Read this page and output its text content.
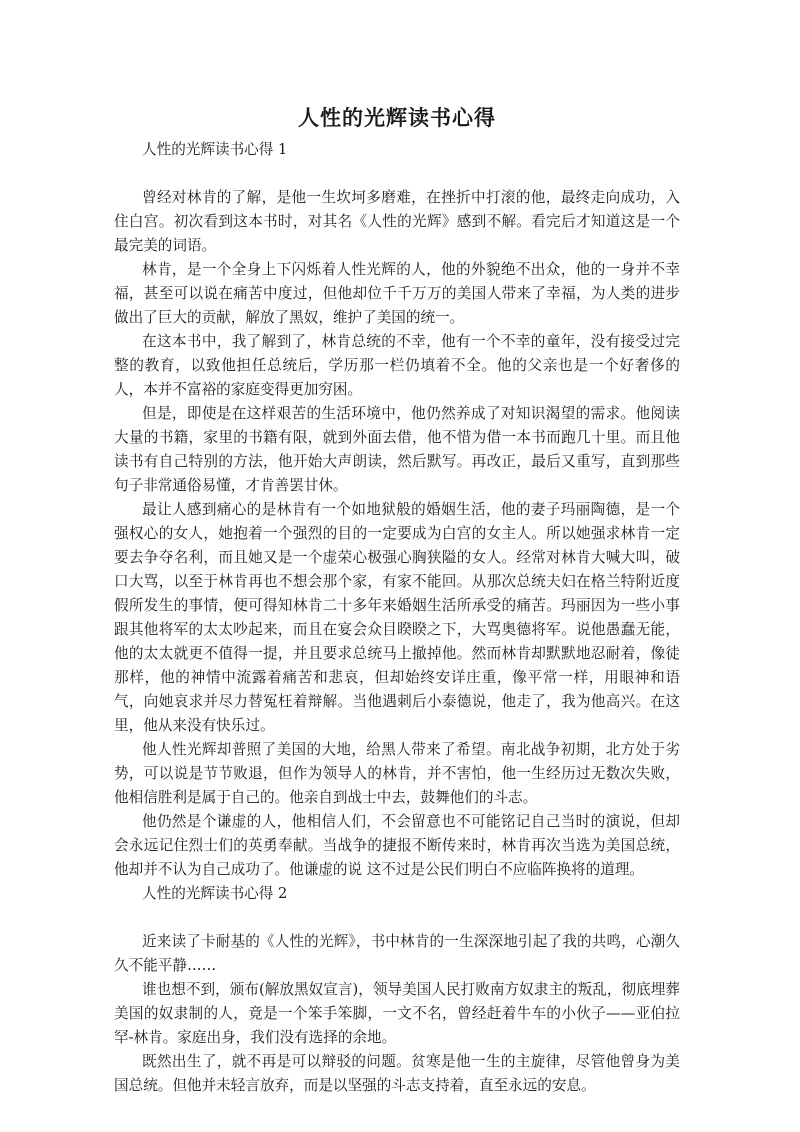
人性的光辉读书心得
人性的光辉读书心得 1

曾经对林肯的了解，是他一生坎坷多磨难，在挫折中打滚的他，最终走向成功，入住白宫。初次看到这本书时，对其名《人性的光辉》感到不解。看完后才知道这是一个最完美的词语。

林肯，是一个全身上下闪烁着人性光辉的人，他的外貌绝不出众，他的一身并不幸福，甚至可以说在痛苦中度过，但他却位千千万万的美国人带来了幸福，为人类的进步做出了巨大的贡献，解放了黑奴，维护了美国的统一。

在这本书中，我了解到了，林肯总统的不幸，他有一个不幸的童年，没有接受过完整的教育，以致他担任总统后，学历那一栏仍填着不全。他的父亲也是一个好奢侈的人，本并不富裕的家庭变得更加穷困。

但是，即使是在这样艰苦的生活环境中，他仍然养成了对知识渴望的需求。他阅读大量的书籍，家里的书籍有限，就到外面去借，他不惜为借一本书而跑几十里。而且他读书有自己特别的方法，他开始大声朗读，然后默写。再改正，最后又重写，直到那些句子非常通俗易懂，才肯善罢甘休。

最让人感到痛心的是林肯有一个如地狱般的婚姻生活，他的妻子玛丽陶德，是一个强权心的女人，她抱着一个强烈的目的一定要成为白宫的女主人。所以她强求林肯一定要去争夺名利，而且她又是一个虚荣心极强心胸狭隘的女人。经常对林肯大喊大叫，破口大骂，以至于林肯再也不想会那个家，有家不能回。从那次总统夫妇在格兰特附近度假所发生的事情，便可得知林肯二十多年来婚姻生活所承受的痛苦。玛丽因为一些小事跟其他将军的太太吵起来，而且在宴会众目睽睽之下，大骂奥德将军。说他愚蠢无能，他的太太就更不值得一提，并且要求总统马上撤掉他。然而林肯却默默地忍耐着，像徒那样，他的神情中流露着痛苦和悲哀，但却始终安详庄重，像平常一样，用眼神和语气，向她哀求并尽力替冤枉着辩解。当他遇刺后小泰德说，他走了，我为他高兴。在这里，他从来没有快乐过。

他人性光辉却普照了美国的大地，给黑人带来了希望。南北战争初期，北方处于劣势，可以说是节节败退，但作为领导人的林肯，并不害怕，他一生经历过无数次失败，他相信胜利是属于自己的。他亲自到战士中去，鼓舞他们的斗志。

他仍然是个谦虚的人，他相信人们，不会留意也不可能铭记自己当时的演说，但却会永远记住烈士们的英勇奉献。当战争的捷报不断传来时，林肯再次当选为美国总统，他却并不认为自己成功了。他谦虚的说 这不过是公民们明白不应临阵换将的道理。

人性的光辉读书心得 2

近来读了卡耐基的《人性的光辉》，书中林肯的一生深深地引起了我的共鸣，心潮久久不能平静……

谁也想不到，颁布(解放黑奴宣言)，领导美国人民打败南方奴隶主的叛乱，彻底埋葬美国的奴隶制的人，竟是一个笨手笨脚，一文不名，曾经赶着牛车的小伙子——亚伯拉罕-林肯。家庭出身，我们没有选择的余地。

既然出生了，就不再是可以辩驳的问题。贫寒是他一生的主旋律，尽管他曾身为美国总统。但他并未轻言放弃，而是以坚强的斗志支持着，直至永远的安息。
